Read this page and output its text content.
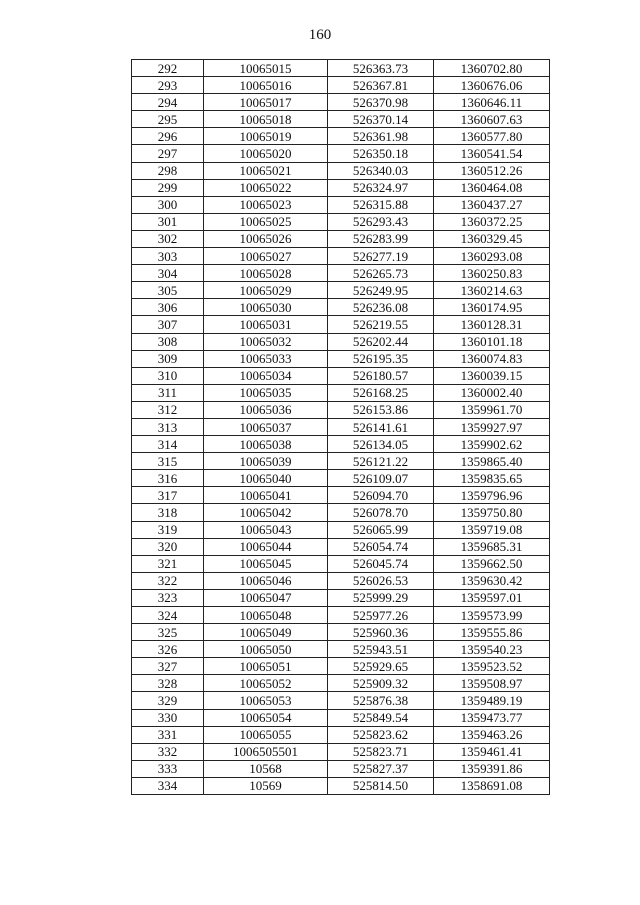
160
292	10065015	526363.73	1360702.80
293	10065016	526367.81	1360676.06
294	10065017	526370.98	1360646.11
295	10065018	526370.14	1360607.63
296	10065019	526361.98	1360577.80
297	10065020	526350.18	1360541.54
298	10065021	526340.03	1360512.26
299	10065022	526324.97	1360464.08
300	10065023	526315.88	1360437.27
301	10065025	526293.43	1360372.25
302	10065026	526283.99	1360329.45
303	10065027	526277.19	1360293.08
304	10065028	526265.73	1360250.83
305	10065029	526249.95	1360214.63
306	10065030	526236.08	1360174.95
307	10065031	526219.55	1360128.31
308	10065032	526202.44	1360101.18
309	10065033	526195.35	1360074.83
310	10065034	526180.57	1360039.15
311	10065035	526168.25	1360002.40
312	10065036	526153.86	1359961.70
313	10065037	526141.61	1359927.97
314	10065038	526134.05	1359902.62
315	10065039	526121.22	1359865.40
316	10065040	526109.07	1359835.65
317	10065041	526094.70	1359796.96
318	10065042	526078.70	1359750.80
319	10065043	526065.99	1359719.08
320	10065044	526054.74	1359685.31
321	10065045	526045.74	1359662.50
322	10065046	526026.53	1359630.42
323	10065047	525999.29	1359597.01
324	10065048	525977.26	1359573.99
325	10065049	525960.36	1359555.86
326	10065050	525943.51	1359540.23
327	10065051	525929.65	1359523.52
328	10065052	525909.32	1359508.97
329	10065053	525876.38	1359489.19
330	10065054	525849.54	1359473.77
331	10065055	525823.62	1359463.26
332	1006505501	525823.71	1359461.41
333	10568	525827.37	1359391.86
334	10569	525814.50	1358691.08
